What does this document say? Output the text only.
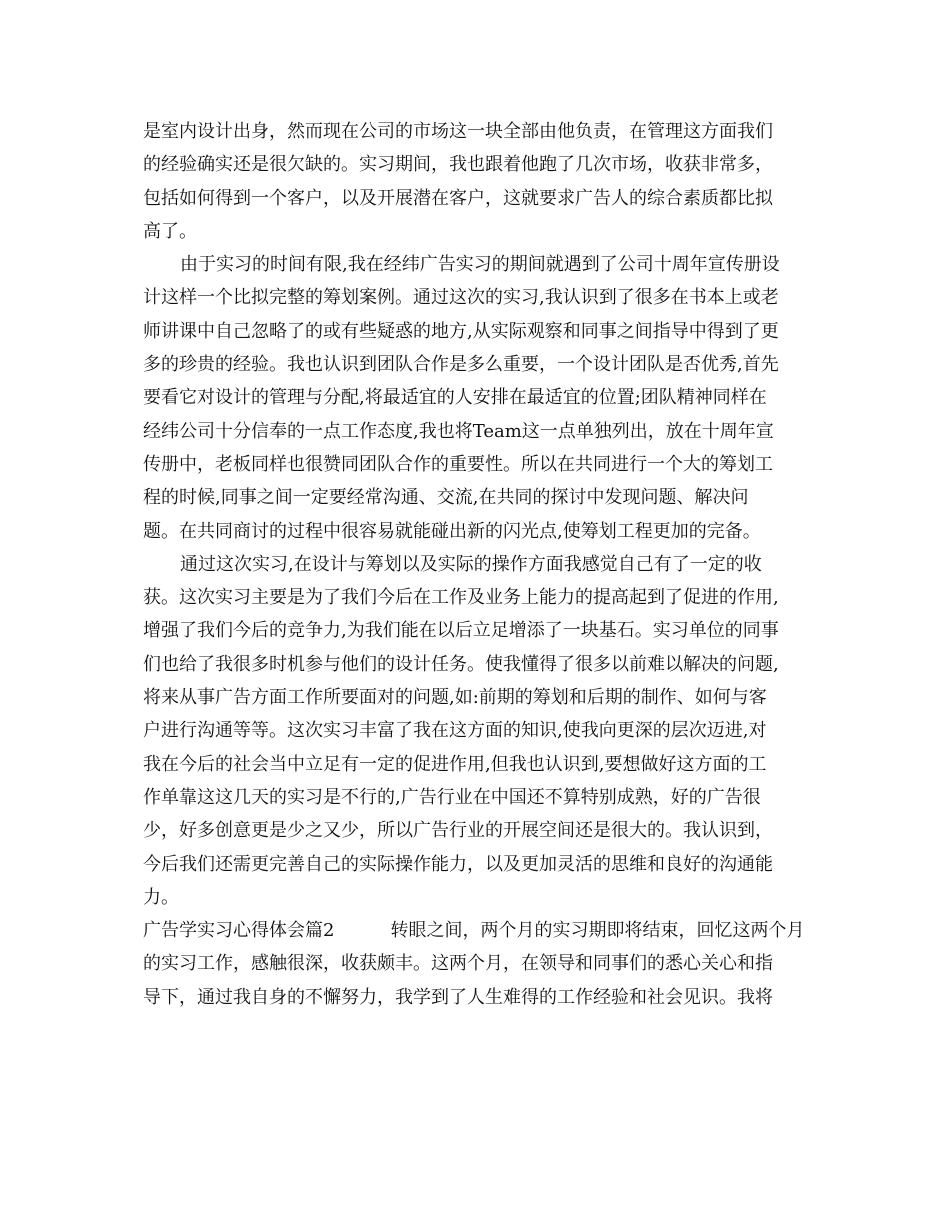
是室内设计出身，然而现在公司的市场这一块全部由他负责，在管理这方面我们
的经验确实还是很欠缺的。实习期间，我也跟着他跑了几次市场，收获非常多，
包括如何得到一个客户，以及开展潜在客户，这就要求广告人的综合素质都比拟
高了。
由于实习的时间有限,我在经纬广告实习的期间就遇到了公司十周年宣传册设
计这样一个比拟完整的筹划案例。通过这次的实习,我认识到了很多在书本上或老
师讲课中自己忽略了的或有些疑惑的地方,从实际观察和同事之间指导中得到了更
多的珍贵的经验。我也认识到团队合作是多么重要，一个设计团队是否优秀,首先
要看它对设计的管理与分配,将最适宜的人安排在最适宜的位置;团队精神同样在
经纬公司十分信奉的一点工作态度,我也将Team这一点单独列出，放在十周年宣
传册中，老板同样也很赞同团队合作的重要性。所以在共同进行一个大的筹划工
程的时候,同事之间一定要经常沟通、交流,在共同的探讨中发现问题、解决问
题。在共同商讨的过程中很容易就能碰出新的闪光点,使筹划工程更加的完备。
通过这次实习,在设计与筹划以及实际的操作方面我感觉自己有了一定的收
获。这次实习主要是为了我们今后在工作及业务上能力的提高起到了促进的作用,
增强了我们今后的竞争力,为我们能在以后立足增添了一块基石。实习单位的同事
们也给了我很多时机参与他们的设计任务。使我懂得了很多以前难以解决的问题,
将来从事广告方面工作所要面对的问题,如:前期的筹划和后期的制作、如何与客
户进行沟通等等。这次实习丰富了我在这方面的知识,使我向更深的层次迈进,对
我在今后的社会当中立足有一定的促进作用,但我也认识到,要想做好这方面的工
作单靠这这几天的实习是不行的,广告行业在中国还不算特别成熟，好的广告很
少，好多创意更是少之又少，所以广告行业的开展空间还是很大的。我认识到，
今后我们还需更完善自己的实际操作能力，以及更加灵活的思维和良好的沟通能
力。
广告学实习心得体会篇2	转眼之间，两个月的实习期即将结束，回忆这两个月
的实习工作，感触很深，收获颇丰。这两个月，在领导和同事们的悉心关心和指
导下，通过我自身的不懈努力，我学到了人生难得的工作经验和社会见识。我将
